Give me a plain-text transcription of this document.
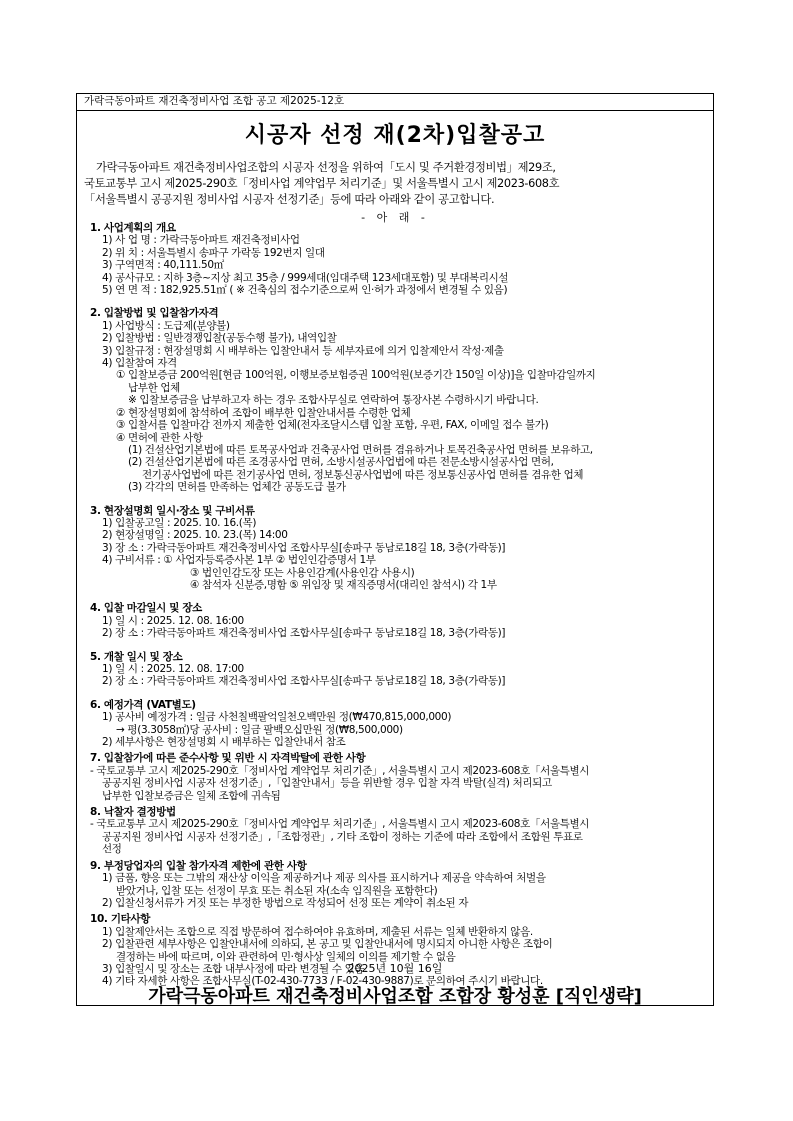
가락극동아파트 재건축정비사업 조합 공고 제2025-12호
시공자 선정 재(2차)입찰공고

가락극동아파트 재건축정비사업조합의 시공자 선정을 위하여「도시 및 주거환경정비법」제29조,

국토교통부 고시 제2025-290호「정비사업 계약업무 처리기준」및 서울특별시 고시 제2023-608호

「서울특별시 공공지원 정비사업 시공자 선정기준」등에 따라 아래와 같이 공고합니다.

- 아 래 -

1. 사업계획의 개요

1) 사 업 명 : 가락극동아파트 재건축정비사업

2) 위 치 : 서울특별시 송파구 가락동 192번지 일대

3) 구역면적 : 40,111.50㎡

4) 공사규모 : 지하 3층~지상 최고 35층 / 999세대(임대주택 123세대포함) 및 부대복리시설

5) 연 면 적 : 182,925.51㎡ ( ※ 건축심의 접수기준으로써 인·허가 과정에서 변경될 수 있음)

2. 입찰방법 및 입찰참가자격

1) 사업방식 : 도급제(분양불)

2) 입찰방법 : 일반경쟁입찰(공동수행 불가), 내역입찰

3) 입찰규정 : 현장설명회 시 배부하는 입찰안내서 등 세부자료에 의거 입찰제안서 작성·제출

4) 입찰참여 자격

① 입찰보증금 200억원[현금 100억원, 이행보증보험증권 100억원(보증기간 150일 이상)]을 입찰마감일까지

납부한 업체

※ 입찰보증금을 납부하고자 하는 경우 조합사무실로 연락하여 통장사본 수령하시기 바랍니다.

② 현장설명회에 참석하여 조합이 배부한 입찰안내서를 수령한 업체

③ 입찰서를 입찰마감 전까지 제출한 업체(전자조달시스템 입찰 포함, 우편, FAX, 이메일 접수 불가)

④ 면허에 관한 사항

(1) 건설산업기본법에 따른 토목공사업과 건축공사업 면허를 겸유하거나 토목건축공사업 면허를 보유하고,

(2) 건설산업기본법에 따른 조경공사업 면허, 소방시설공사업법에 따른 전문소방시설공사업 면허,

전기공사업법에 따른 전기공사업 면허, 정보통신공사업법에 따른 정보통신공사업 면허를 겸유한 업체

(3) 각각의 면허를 만족하는 업체간 공동도급 불가

3. 현장설명회 일시·장소 및 구비서류

1) 입찰공고일 : 2025. 10. 16.(목)

2) 현장설명일 : 2025. 10. 23.(목) 14:00

3) 장 소 : 가락극동아파트 재건축정비사업 조합사무실[송파구 동남로18길 18, 3층(가락동)]

4) 구비서류 : ① 사업자등록증사본 1부 ② 법인인감증명서 1부

③ 법인인감도장 또는 사용인감계(사용인감 사용시)

④ 참석자 신분증,명함 ⑤ 위임장 및 재직증명서(대리인 참석시) 각 1부

4. 입찰 마감일시 및 장소

1) 일 시 : 2025. 12. 08. 16:00

2) 장 소 : 가락극동아파트 재건축정비사업 조합사무실[송파구 동남로18길 18, 3층(가락동)]

5. 개찰 일시 및 장소

1) 일 시 : 2025. 12. 08. 17:00

2) 장 소 : 가락극동아파트 재건축정비사업 조합사무실[송파구 동남로18길 18, 3층(가락동)]

6. 예정가격 (VAT별도)

1) 공사비 예정가격 : 일금 사천칠백팔억일천오백만원 정(₩470,815,000,000)

→ 평(3.3058㎡)당 공사비 : 일금 팔백오십만원 정(₩8,500,000)

2) 세부사항은 현장설명회 시 배부하는 입찰안내서 참조

7. 입찰참가에 따른 준수사항 및 위반 시 자격박탈에 관한 사항

- 국토교통부 고시 제2025-290호「정비사업 계약업무 처리기준」, 서울특별시 고시 제2023-608호「서울특별시

공공지원 정비사업 시공자 선정기준」,「입찰안내서」등을 위반할 경우 입찰 자격 박탈(실격) 처리되고

납부한 입찰보증금은 일체 조합에 귀속됨

8. 낙찰자 결정방법

- 국토교통부 고시 제2025-290호「정비사업 계약업무 처리기준」, 서울특별시 고시 제2023-608호「서울특별시

공공지원 정비사업 시공자 선정기준」,「조합정관」, 기타 조합이 정하는 기준에 따라 조합에서 조합원 투표로

선정

9. 부정당업자의 입찰 참가자격 제한에 관한 사항

1) 금품, 향응 또는 그밖의 재산상 이익을 제공하거나 제공 의사를 표시하거나 제공을 약속하여 처벌을

받았거나, 입찰 또는 선정이 무효 또는 취소된 자(소속 임직원을 포함한다)

2) 입찰신청서류가 거짓 또는 부정한 방법으로 작성되어 선정 또는 계약이 취소된 자

10. 기타사항

1) 입찰제안서는 조합으로 직접 방문하여 접수하여야 유효하며, 제출된 서류는 일체 반환하지 않음.

2) 입찰관련 세부사항은 입찰안내서에 의하되, 본 공고 및 입찰안내서에 명시되지 아니한 사항은 조합이

결정하는 바에 따르며, 이와 관련하여 민·형사상 일체의 이의를 제기할 수 없음

3) 입찰일시 및 장소는 조합 내부사정에 따라 변경될 수 있음.

4) 기타 자세한 사항은 조합사무실(T-02-430-7733 / F-02-430-9887)로 문의하여 주시기 바랍니다.

2025년 10월 16일
가락극동아파트 재건축정비사업조합 조합장 황성훈 [직인생략]
